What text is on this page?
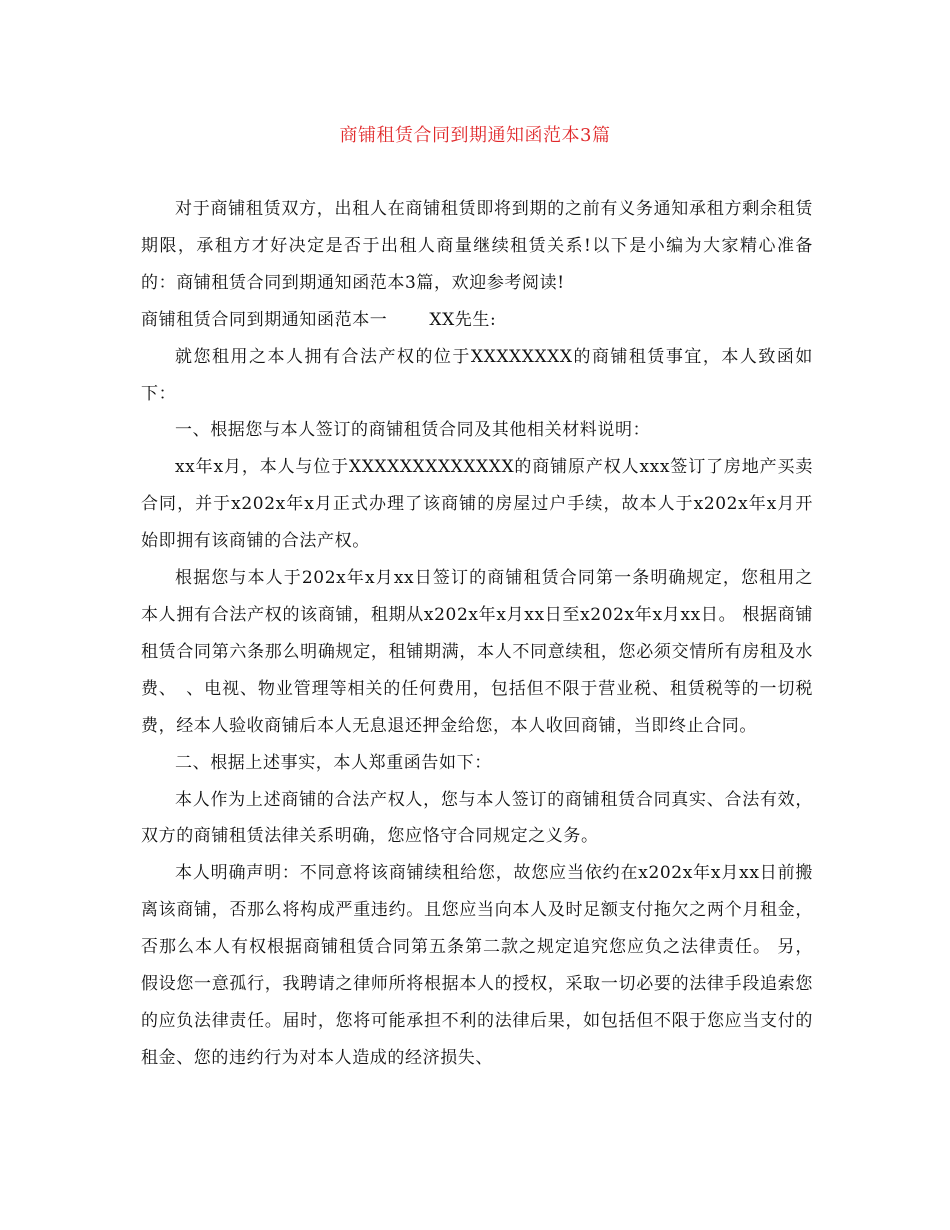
商铺租赁合同到期通知函范本3篇

对于商铺租赁双方，出租人在商铺租赁即将到期的之前有义务通知承租方剩余租赁期限，承租方才好决定是否于出租人商量继续租赁关系!以下是小编为大家精心准备的：商铺租赁合同到期通知函范本3篇，欢迎参考阅读!

商铺租赁合同到期通知函范本一 XX先生:

就您租用之本人拥有合法产权的位于XXXXXXXX的商铺租赁事宜，本人致函如下：

一、根据您与本人签订的商铺租赁合同及其他相关材料说明：

xx年x月，本人与位于XXXXXXXXXXXXX的商铺原产权人xxx签订了房地产买卖合同，并于x202x年x月正式办理了该商铺的房屋过户手续，故本人于x202x年x月开始即拥有该商铺的合法产权。

根据您与本人于202x年x月xx日签订的商铺租赁合同第一条明确规定，您租用之本人拥有合法产权的该商铺，租期从x202x年x月xx日至x202x年x月xx日。 根据商铺租赁合同第六条那么明确规定，租铺期满，本人不同意续租，您必须交情所有房租及水费、　、电视、物业管理等相关的任何费用，包括但不限于营业税、租赁税等的一切税费，经本人验收商铺后本人无息退还押金给您，本人收回商铺，当即终止合同。

二、根据上述事实，本人郑重函告如下：

本人作为上述商铺的合法产权人，您与本人签订的商铺租赁合同真实、合法有效，双方的商铺租赁法律关系明确，您应恪守合同规定之义务。

本人明确声明：不同意将该商铺续租给您，故您应当依约在x202x年x月xx日前搬离该商铺，否那么将构成严重违约。且您应当向本人及时足额支付拖欠之两个月租金，否那么本人有权根据商铺租赁合同第五条第二款之规定追究您应负之法律责任。 另，假设您一意孤行，我聘请之律师所将根据本人的授权，采取一切必要的法律手段追索您的应负法律责任。届时，您将可能承担不利的法律后果，如包括但不限于您应当支付的租金、您的违约行为对本人造成的经济损失、
